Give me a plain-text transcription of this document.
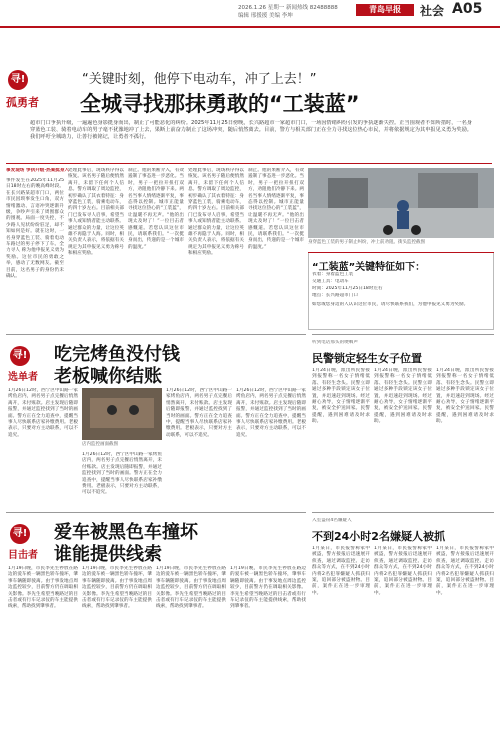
2026.1.26 星期一 新闻热线 82488888
编辑 邢援援 美编 李坤
青岛早报	社会 A05
寻!
孤勇者
“关键时刻，他停下电动车，冲了上去！”
全城寻找那抹勇敢的“工装蓝”
超市门口争执升级，一遍遍色身影挺身而出，制止了可能恶化的纠纷。2025年11月25日傍晚，长兴路超市一家超市门口，一场因情绪纠纷引发的争执逐渐失控。正当围观者不知所措时，一名身穿蓝色工装、骑着电动车的男子毫不犹豫地冲了上去，果断上前奋力制止了这场冲突，随后悄然离去。目前，警方与相关部门正在全力寻找这位热心市民，并将依据规定为其申报见义勇为奖励。我们呼吁全城助力，让善行被铭记，让勇者不孤行。
事发现场 争执升级·热案挺身入
事件发生在2025年11月25日18时左右的晚高峰时段。在长兴路某超市门口，两位市民因琐事发生口角，双方情绪激动、言语冲突逐渐升级，争吵声引来了周围群众的围观。局面一度失控，不少路人见状纷纷驻足，却不知如何是好。就在这时，一名身穿蓝色工装、骑着电动车路过的男子停下了车。全力寻人 称为他申报见义勇为奖励。这位市民的勇敢之举，感动了无数网友。截至目前，这名男子的身份仍未确认。
处理此事后，现场秩序得以恢复。该名男子随后便悄然离开，未留下任何个人信息。警方调取了周边监控，初步确认了其衣着特征：身穿蓝色工装，骑乘电动车，约四十岁左右。目前相关部门已发布寻人启事，希望当事人或知情者能主动联系。通过群众的力量，让这位英雄不再隐于人海。同时，相关负责人表示，将依据有关规定为其申报见义勇为称号和相应奖励。
制止。他的果断介入，有效遏制了事态进一步恶化。当时，男子一把拉开扭打双方，劝阻他们冷静下来。两名当事人情绪逐渐平复，事态得以控制。城市正能量 寻找这位热心的“工装蓝”，让温暖不再无声。“他的出现太及时了！”一位目击者感慨道。若您认识这位市民，请联系我们。“一次挺身而出，传递的是一个城市的温度。”
处理此事后，现场秩序得以恢复。该名男子随后便悄然离开，未留下任何个人信息。警方调取了周边监控，初步确认了其衣着特征：身穿蓝色工装，骑乘电动车，约四十岁左右。目前相关部门已发布寻人启事，希望当事人或知情者能主动联系。通过群众的力量，让这位英雄不再隐于人海。同时，相关负责人表示，将依据有关规定为其申报见义勇为称号和相应奖励。
制止。他的果断介入，有效遏制了事态进一步恶化。当时，男子一把拉开扭打双方，劝阻他们冷静下来。两名当事人情绪逐渐平复，事态得以控制。城市正能量 寻找这位热心的“工装蓝”，让温暖不再无声。“他的出现太及时了！”一位目击者感慨道。若您认识这位市民，请联系我们。“一次挺身而出，传递的是一个城市的温度。”
身穿蓝色工装的男子制止纠纷，冲上前劝阻。街头监控截图
“工装蓝”关键特征如下：
衣着：身着蓝色工装
交通工具：电动车
时间：2025年11月25日18时左右
地点：长兴路超市门口
如您或您身边的人认识这位市民，请尽快联系我们，为他申报见义勇为奖励。
寻!
选单者
吃完烤鱼没付钱
老板喊你结账
1月26日12时，西宁区中山路一家烤鱼店内，两名男子点完餐后悄然离开，未付账款。店主发现后随即报警，并通过监控找到了当时的画面。警方正在全力追查中，提醒当事人尽快联系店家补缴费用。老板表示，只要对方主动联系，可以不追究。
店内监控画面截图
1月26日12时，西宁区中山路一家烤鱼店内，两名男子点完餐后悄然离开，未付账款。店主发现后随即报警，并通过监控找到了当时的画面。警方正在全力追查中，提醒当事人尽快联系店家补缴费用。老板表示，只要对方主动联系，可以不追究。
1月26日12时，西宁区中山路一家烤鱼店内，两名男子点完餐后悄然离开，未付账款。店主发现后随即报警，并通过监控找到了当时的画面。警方正在全力追查中，提醒当事人尽快联系店家补缴费用。老板表示，只要对方主动联系，可以不追究。
1月26日12时，西宁区中山路一家烤鱼店内，两名男子点完餐后悄然离开，未付账款。店主发现后随即报警，并通过监控找到了当时的画面。警方正在全力追查中，提醒当事人尽快联系店家补缴费用。老板表示，只要对方主动联系，可以不追究。
寻!
目击者
爱车被黑色车撞坏
谁能提供线索
1月19日晚，市民李先生停放在路边的爱车被一辆黑色轿车撞坏，肇事车辆随即驶离。由于事发地点周边监控较少，目前警方仍在调取相关影像。李先生希望当晚路过的目击者或有行车记录仪的车主能提供线索，帮助找到肇事者。
1月19日晚，市民李先生停放在路边的爱车被一辆黑色轿车撞坏，肇事车辆随即驶离。由于事发地点周边监控较少，目前警方仍在调取相关影像。李先生希望当晚路过的目击者或有行车记录仪的车主能提供线索，帮助找到肇事者。
1月19日晚，市民李先生停放在路边的爱车被一辆黑色轿车撞坏，肇事车辆随即驶离。由于事发地点周边监控较少，目前警方仍在调取相关影像。李先生希望当晚路过的目击者或有行车记录仪的车主能提供线索，帮助找到肇事者。
1月19日晚，市民李先生停放在路边的爱车被一辆黑色轿车撞坏，肇事车辆随即驶离。由于事发地点周边监控较少，目前警方仍在调取相关影像。李先生希望当晚路过的目击者或有行车记录仪的车主能提供线索，帮助找到肇事者。
听到电话那头的哽咽声
民警锁定轻生女子位置
1月24日晚，派出所民警接到报警称一名女子情绪低落、有轻生念头。民警立即通过多种手段锁定该女子位置，并迅速赶到现场。经过耐心劝导，女子情绪逐渐平复，被安全护送回家。民警提醒，遇到困难请及时求助。
1月24日晚，派出所民警接到报警称一名女子情绪低落、有轻生念头。民警立即通过多种手段锁定该女子位置，并迅速赶到现场。经过耐心劝导，女子情绪逐渐平复，被安全护送回家。民警提醒，遇到困难请及时求助。
1月24日晚，派出所民警接到报警称一名女子情绪低落、有轻生念头。民警立即通过多种手段锁定该女子位置，并迅速赶到现场。经过耐心劝导，女子情绪逐渐平复，被安全护送回家。民警提醒，遇到困难请及时求助。
入室盗窃4名嫌疑人
不到24小时2名嫌疑人被抓
1月某日，市民报警称家中被盗，警方接报后迅速展开侦查，通过调取监控、走访群众等方式，在不到24小时内将2名犯罪嫌疑人抓获归案，追回部分被盗财物。目前，案件正在进一步审理中。
1月某日，市民报警称家中被盗，警方接报后迅速展开侦查，通过调取监控、走访群众等方式，在不到24小时内将2名犯罪嫌疑人抓获归案，追回部分被盗财物。目前，案件正在进一步审理中。
1月某日，市民报警称家中被盗，警方接报后迅速展开侦查，通过调取监控、走访群众等方式，在不到24小时内将2名犯罪嫌疑人抓获归案，追回部分被盗财物。目前，案件正在进一步审理中。
